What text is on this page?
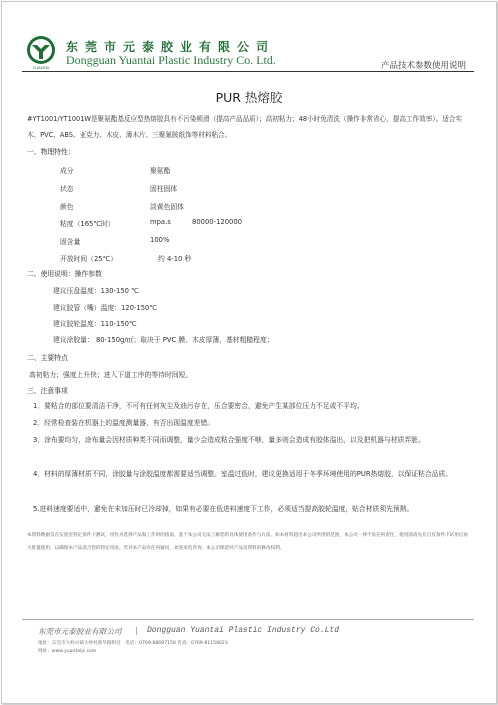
YUANTAI
东莞市元泰胶业有限公司
Dongguan Yuantai Plastic Industry Co. Ltd.	产品技术参数使用说明
PUR 热熔胶
#YT1001/YT1001W是聚氨酯基反应型热熔胶具有不污染顿滑（提高产品品质）；高初粘力；48小时免清洗（操作非常省心，提高工作效率）。适合实木、PVC、ABS、亚克力、木皮、薄木片、三聚氰胺纸饰等材料粘合。
一、物理特性：
成分	聚氨酯
状态	固柱固体
颜色	淡黄色固体
粘度（165℃时）	mpa.s	80000-120000
固含量	100%
开放时间（25℃）	约 4-10 秒
二、使用说明：操作参数
建议压盘温度：130-150 ℃
建议胶管（嘴）温度：120-150℃
建议胶轮温度：110-150℃
建议涂胶量： 80-150g/㎡；取决于 PVC 膜、木皮厚薄，基材粗糙程度；
二、主要特点
高初粘力；强度上升快；进入下道工序的等待时间短。
三、注意事项
1．要粘合的部位要清洁干净，不可有任何灰尘及油污存在，压合要密合，避免产生某部位压力不足或不平均。
2．经常检查装在机器上的温度测量器，有否出现温度差错。
3．涂布要均匀，涂布量会因材质种类不同而调整，量少会造成粘合强度不够，量多则会造成有胶体溢出，以及把机器与材质弄脏。
4．材料的厚薄材质不同，涂胶量与涂胶温度都需要适当调整。室温过低时，建议更换适用于冬季环境使用的PUR热熔胶，以保证粘合品质。
5.进料速度要适中，避免在未加压时已冷却掉，如果有必要在低进料速度下工作，必须适当提高胶轮温度，贴合材质须先预熱。
本资料数据仅在实验室特定条件下测试，用作为选择产品和工作时的指南，基于本公司无法了解您的具体使用条件与方法，如本材料超出本公司所供的范围，本公司一律不负任何责任，使用前请先在自有条件下试用后再大批量使用，以确保本产品适合您的特定用途。若对本产品有任何疑问，欢迎来电咨询，本公司保留对产品及资料的修改权利。
东莞市元泰胶业有限公司 | Dongguan Yuantai Plastic Industry Co.Ltd
地址：东莞市大岭山镇大岭村新华路附近　电话：0769-88697159 传真：0769-81158023
网址：www.yuantaijs.com
